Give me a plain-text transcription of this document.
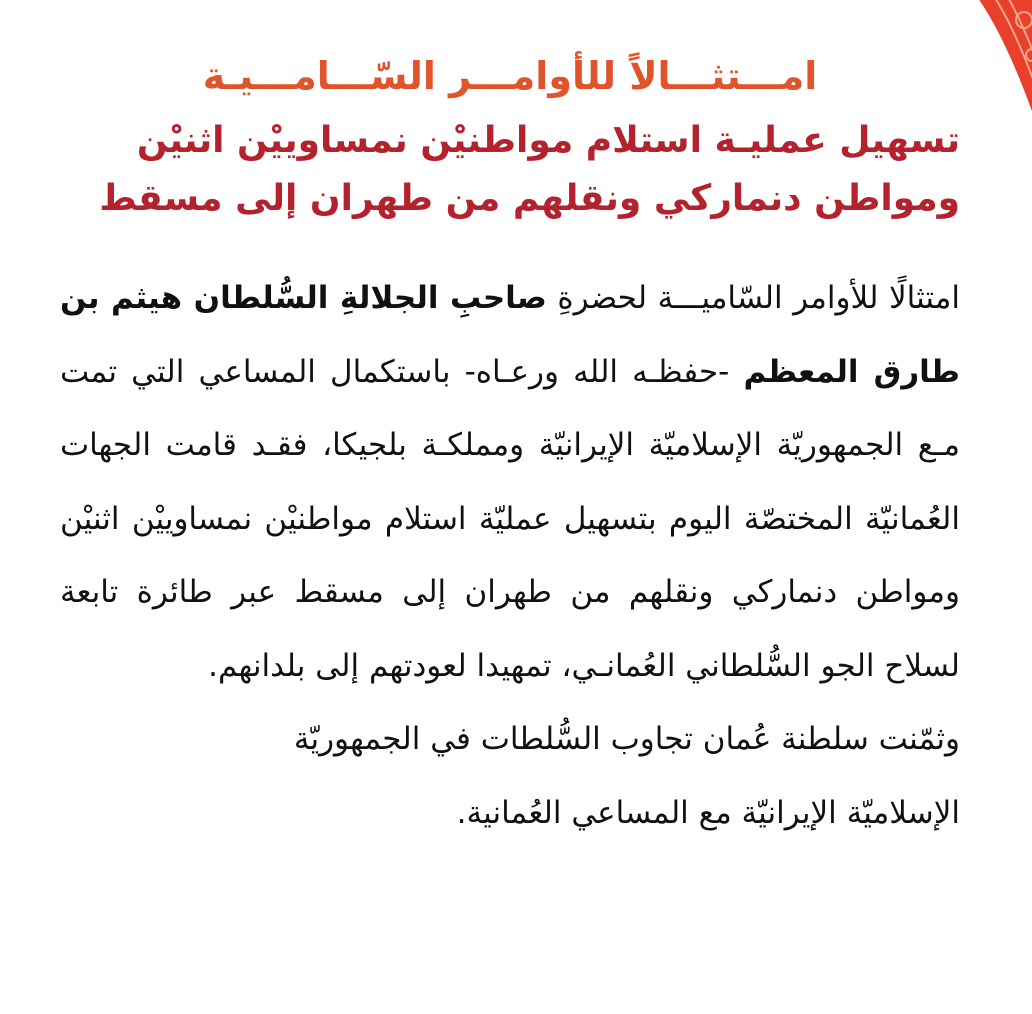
امـــتثـــالاً للأوامـــر السّـــامـــيـة

تسهيل عمليـة استلام مواطنيْن نمساوييْن اثنيْن
ومواطن دنماركي ونقلهم من طهران إلى مسقط

امتثالًا للأوامر السّاميـــة لحضرةِ صاحبِ الجلالةِ السُّلطان هيثم بن طارق المعظم -حفظـه الله ورعـاه- باستكمال المساعي التي تمت مـع الجمهوريّة الإسلاميّة الإيرانيّة ومملكـة بلجيكا، فقـد قامت الجهات العُمانيّة المختصّة اليوم بتسهيل عمليّة استلام مواطنيْن نمساوييْن اثنيْن ومواطن دنماركي ونقلهم من طهران إلى مسقط عبر طائرة تابعة لسلاح الجو السُّلطاني العُمانـي، تمهيدا لعودتهم إلى بلدانهم.

وثمّنت سلطنة عُمان تجاوب السُّلطات في الجمهوريّة
الإسلاميّة الإيرانيّة مع المساعي العُمانية.
